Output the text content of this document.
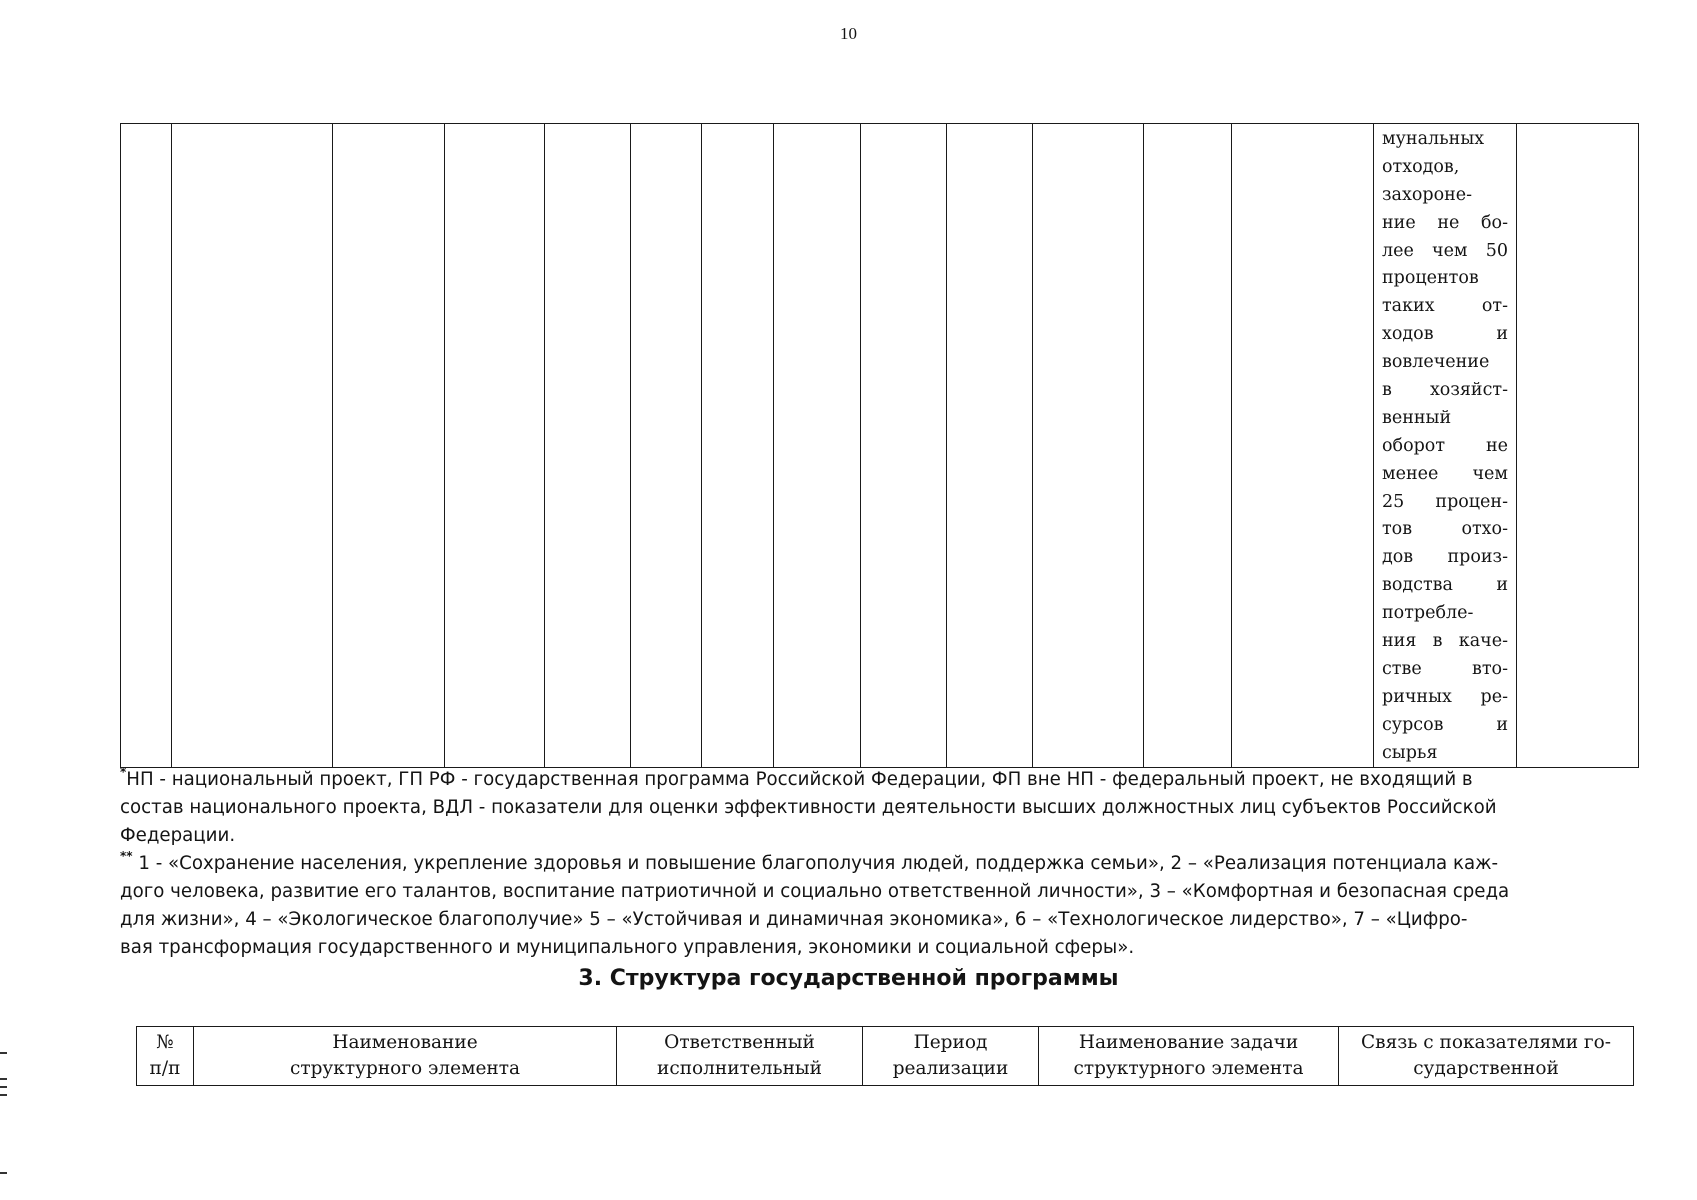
10

мунальных
отходов,
захороне-
ние не бо-
лее чем 50
процентов
таких	от-
ходов	и
вовлечение
в хозяйст-
венный
оборот не
менее чем
25 процен-
тов	отхо-
дов произ-
водства и
потребле-
ния в каче-
стве	вто-
ричных ре-
сурсов	и
сырья

*НП - национальный проект, ГП РФ - государственная программа Российской Федерации, ФП вне НП - федеральный проект, не входящий в
состав национального проекта, ВДЛ - показатели для оценки эффективности деятельности высших должностных лиц субъектов Российской
Федерации.
** 1 - «Сохранение населения, укрепление здоровья и повышение благополучия людей, поддержка семьи», 2 – «Реализация потенциала каж-
дого человека, развитие его талантов, воспитание патриотичной и социально ответственной личности», 3 – «Комфортная и безопасная среда
для жизни», 4 – «Экологическое благополучие» 5 – «Устойчивая и динамичная экономика», 6 – «Технологическое лидерство», 7 – «Цифро-
вая трансформация государственного и муниципального управления, экономики и социальной сферы».
3. Структура государственной программы
№
п/п

Наименование
структурного элемента

Ответственный
исполнительный

Период
реализации

Наименование задачи
структурного элемента

Связь с показателями го-
сударственной
